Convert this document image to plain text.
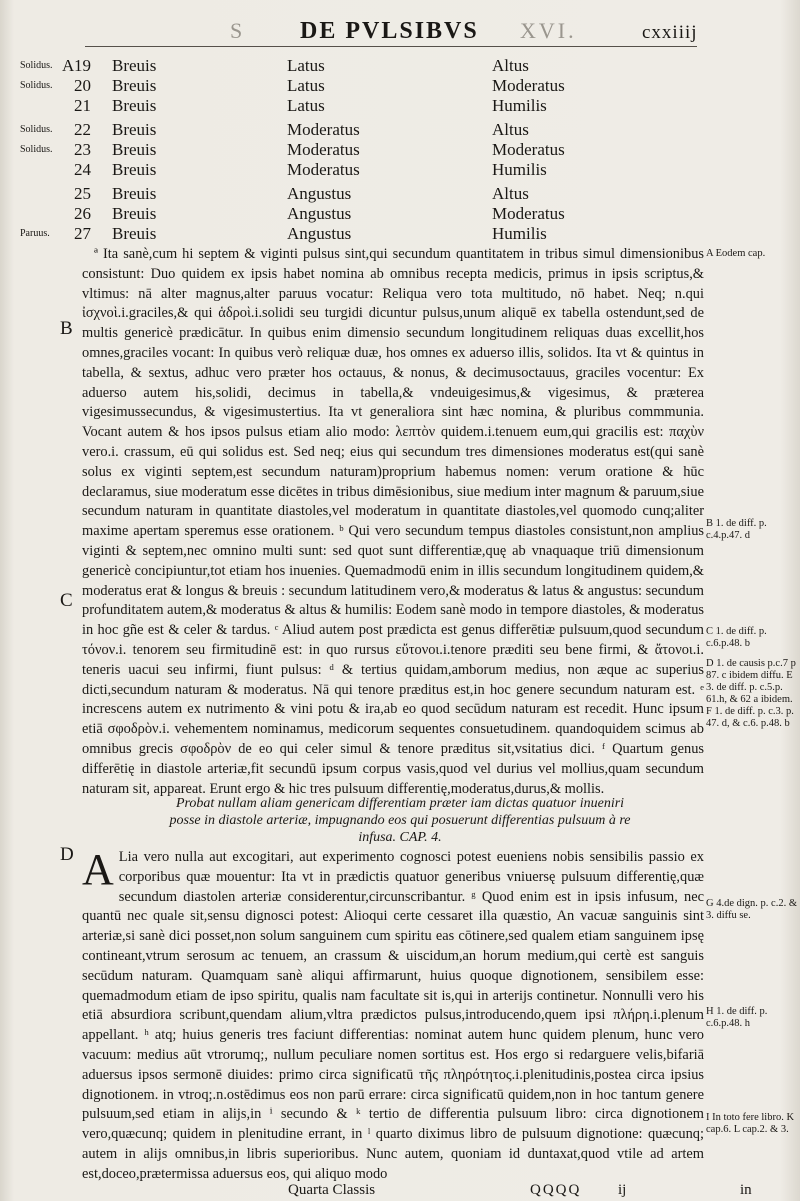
S	XVI.
DE PVLSIBVS	cxxiiij
Solidus. A 19 Breuis	Latus	Altus
Solidus. 20 Breuis	Latus	Moderatus
21 Breuis	Latus	Humilis
Solidus. 22 Breuis	Moderatus	Altus
Solidus. 23 Breuis	Moderatus	Moderatus
24 Breuis	Moderatus	Humilis
25 Breuis	Angustus	Altus
26 Breuis	Angustus	Moderatus
Paruus. 27 Breuis	Angustus	Humilis
B
C
D

ª Ita sanè,cum hi septem & viginti pulsus sint,qui secundum quantitatem in tribus simul dimensionibus consistunt: Duo quidem ex ipsis habet nomina ab omnibus recepta medicis, primus in ipsis scriptus,& vltimus: nā alter magnus,alter paruus vocatur: Reliqua vero tota multitudo, nō habet. Neq; n.qui ἰσχνοὶ.i.graciles,& qui ἁδροὶ.i.solidi seu turgidi dicuntur pulsus,unum aliquē ex tabella ostendunt,sed de multis genericè prædicātur. In quibus enim dimensio secundum longitudinem reliquas duas excellit,hos omnes,graciles vocant: In quibus verò reliquæ duæ, hos omnes ex aduerso illis, solidos. Ita vt & quintus in tabella, & sextus, adhuc vero præter hos octauus, & nonus, & decimusoctauus, graciles vocentur: Ex aduerso autem his,solidi, decimus in tabella,& vndeuigesimus,& vigesimus, & præterea vigesimussecundus, & vigesimustertius. Ita vt generaliora sint hæc nomina, & pluribus commmunia. Vocant autem & hos ipsos pulsus etiam alio modo: λεπτὸν quidem.i.tenuem eum,qui gracilis est: παχὺν vero.i. crassum, eū qui solidus est. Sed neq; eius qui secundum tres dimensiones moderatus est(qui sanè solus ex viginti septem,est secundum naturam)proprium habemus nomen: verum oratione & hūc declaramus, siue moderatum esse dicētes in tribus dimēsionibus, siue medium inter magnum & paruum,siue secundum naturam in quantitate diastoles,vel moderatum in quantitate diastoles,vel quomodo cunq;aliter maxime apertam speremus esse orationem. ᵇ Qui vero secundum tempus diastoles consistunt,non amplius viginti & septem,nec omnino multi sunt: sed quot sunt differentiæ,quę ab vnaquaque triū dimensionum genericè concipiuntur,tot etiam hos inuenies. Quemadmodū enim in illis secundum longitudinem quidem,& moderatus erat & longus & breuis : secundum latitudinem vero,& moderatus & latus & angustus: secundum profunditatem autem,& moderatus & altus & humilis: Eodem sanè modo in tempore diastoles, & moderatus in hoc gñe est & celer & tardus. ᶜ Aliud autem post prædicta est genus differētiæ pulsuum,quod secundum τόνον.i. tenorem seu firmitudinē est: in quo rursus εὔτονοι.i.tenore præditi seu bene firmi, & ἄτονοι.i. teneris uacui seu infirmi, fiunt pulsus: ᵈ & tertius quidam,amborum medius, non æque ac superius dicti,secundum naturam & moderatus. Nā qui tenore præditus est,in hoc genere secundum naturam est. ᵉ increscens autem ex nutrimento & vini potu & ira,ab eo quod secūdum naturam est recedit. Hunc ipsum etiā σφοδρὸν.i. vehementem nominamus, medicorum sequentes consuetudinem. quandoquidem scimus ab omnibus grecis σφοδρὸν de eo qui celer simul & tenore præditus sit,vsitatius dici. ᶠ Quartum genus differētię in diastole arteriæ,fit secundū ipsum corpus vasis,quod vel durius vel mollius,quam secundum naturam sit, appareat. Erunt ergo & hic tres pulsuum differentię,moderatus,durus,& mollis.

Probat nullam aliam genericam differentiam præter iam dictas quatuor inueniri posse in diastole arteriæ, impugnando eos qui posuerunt differentias pulsuum à re infusa. CAP. 4.

A Lia vero nulla aut excogitari, aut experimento cognosci potest eueniens nobis sensibilis passio ex corporibus quæ mouentur: Ita vt in prædictis quatuor generibus vniuersę pulsuum differentię,quæ secundum diastolen arteriæ considerentur,circunscribantur. ᵍ Quod enim est in ipsis infusum, nec quantū nec quale sit,sensu dignosci potest: Alioqui certe cessaret illa quæstio, An vacuæ sanguinis sint arteriæ,si sanè dici posset,non solum sanguinem cum spiritu eas cōtinere,sed qualem etiam sanguinem ipsę contineant,vtrum serosum ac tenuem, an crassum & uiscidum,an horum medium,qui certè est sanguis secūdum naturam. Quamquam sanè aliqui affirmarunt, huius quoque dignotionem, sensibilem esse: quemadmodum etiam de ipso spiritu, qualis nam facultate sit is,qui in arterijs continetur. Nonnulli vero his etiā absurdiora scribunt,quendam alium,vltra prædictos pulsus,introducendo,quem ipsi πλήρη.i.plenum appellant. ʰ atq; huius generis tres faciunt differentias: nominat autem hunc quidem plenum, hunc vero vacuum: medius aūt vtrorumq;, nullum peculiare nomen sortitus est. Hos ergo si redarguere velis,bifariā aduersus ipsos sermonē diuides: primo circa significatū τῆς πληρότητος.i.plenitudinis,postea circa ipsius dignotionem. in vtroq;.n.ostēdimus eos non parū errare: circa significatū quidem,non in hoc tantum genere pulsuum,sed etiam in alijs,in ⁱ secundo & ᵏ tertio de differentia pulsuum libro: circa dignotionem vero,quæcunq; quidem in plenitudine errant, in ˡ quarto diximus libro de pulsuum dignotione: quæcunq; autem in alijs omnibus,in libris superioribus. Nunc autem, quoniam id duntaxat,quod vtile ad artem est,doceo,prætermissa aduersus eos, qui aliquo modo

A Eodem cap.
B 1. de diff. p. c.4.p.47. d
C 1. de diff. p. c.6.p.48. b
D 1. de causis p.c.7 p 87. c ibidem diffu. E 3. de diff. p. c.5.p. 61.h, & 62 a ibidem. F 1. de diff. p. c.3. p. 47. d, & c.6. p.48. b
G 4.de dign. p. c.2. & 3. diffu se.
H 1. de diff. p. c.6.p.48. h
I In toto fere libro. K cap.6. L cap.2. & 3.
Quarta Classis	QQQQ ij	in
